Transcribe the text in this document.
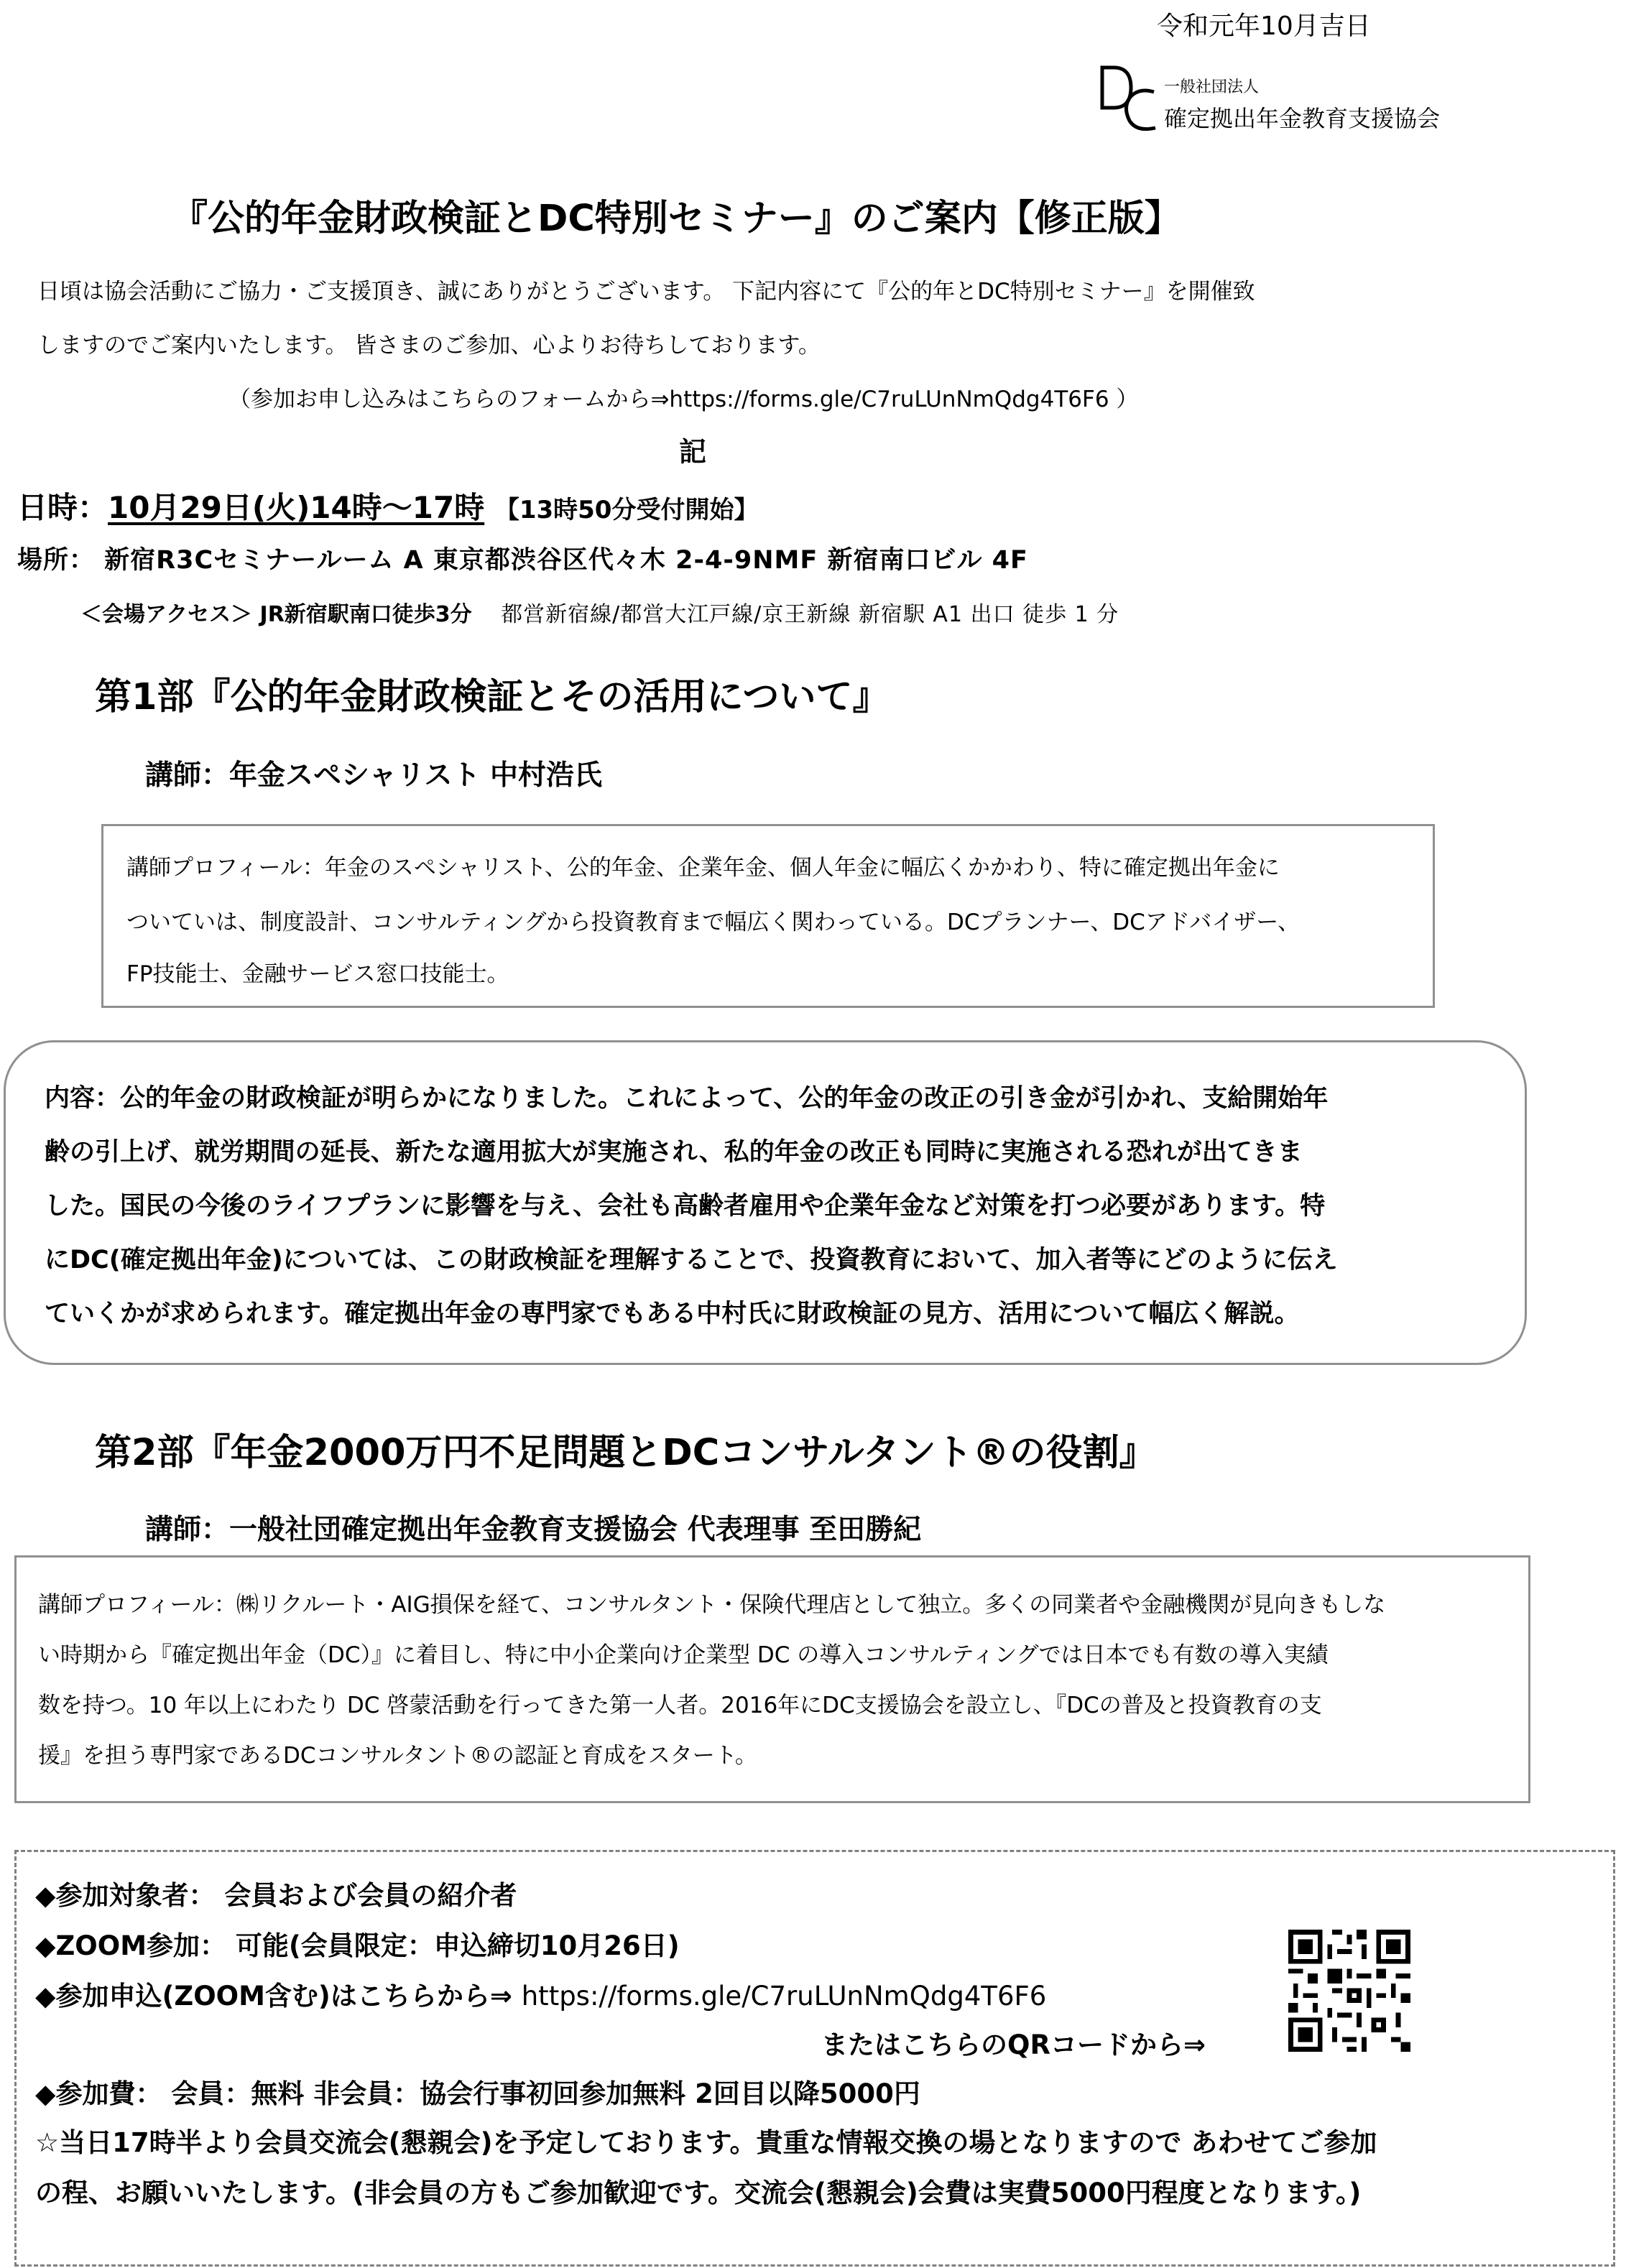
令和元年10月吉日
一般社団法人
確定拠出年金教育支援協会
『公的年金財政検証とDC特別セミナー』のご案内【修正版】
日頃は協会活動にご協力・ご支援頂き、誠にありがとうございます。 下記内容にて『公的年とDC特別セミナー』を開催致
しますのでご案内いたします。 皆さまのご参加、心よりお待ちしております。
（参加お申し込みはこちらのフォームから⇒https://forms.gle/C7ruLUnNmQdg4T6F6 ）
記
日時：10月29日(火)14時～17時 【13時50分受付開始】
場所： 新宿R3Cセミナールーム A 東京都渋谷区代々木 2-4-9NMF 新宿南口ビル 4F
＜会場アクセス＞ JR新宿駅南口徒歩3分　 都営新宿線/都営大江戸線/京王新線 新宿駅 A1 出口 徒歩 1 分
第1部『公的年金財政検証とその活用について』
講師：年金スペシャリスト 中村浩氏
講師プロフィール：年金のスペシャリスト、公的年金、企業年金、個人年金に幅広くかかわり、特に確定拠出年金に
ついていは、制度設計、コンサルティングから投資教育まで幅広く関わっている。DCプランナー、DCアドバイザー、
FP技能士、金融サービス窓口技能士。
内容：公的年金の財政検証が明らかになりました。これによって、公的年金の改正の引き金が引かれ、支給開始年
齢の引上げ、就労期間の延長、新たな適用拡大が実施され、私的年金の改正も同時に実施される恐れが出てきま
した。国民の今後のライフプランに影響を与え、会社も高齢者雇用や企業年金など対策を打つ必要があります。特
にDC(確定拠出年金)については、この財政検証を理解することで、投資教育において、加入者等にどのように伝え
ていくかが求められます。確定拠出年金の専門家でもある中村氏に財政検証の見方、活用について幅広く解説。
第2部『年金2000万円不足問題とDCコンサルタント®の役割』
講師：一般社団確定拠出年金教育支援協会 代表理事 至田勝紀
講師プロフィール：㈱リクルート・AIG損保を経て、コンサルタント・保険代理店として独立。多くの同業者や金融機関が見向きもしな
い時期から『確定拠出年金（DC）』に着目し、特に中小企業向け企業型 DC の導入コンサルティングでは日本でも有数の導入実績
数を持つ。10 年以上にわたり DC 啓蒙活動を行ってきた第一人者。2016年にDC支援協会を設立し、『DCの普及と投資教育の支
援』を担う専門家であるDCコンサルタント®の認証と育成をスタート。
◆参加対象者： 会員および会員の紹介者
◆ZOOM参加： 可能(会員限定：申込締切10月26日)
◆参加申込(ZOOM含む)はこちらから⇒ https://forms.gle/C7ruLUnNmQdg4T6F6
またはこちらのQRコードから⇒
◆参加費： 会員：無料 非会員：協会行事初回参加無料 2回目以降5000円
☆当日17時半より会員交流会(懇親会)を予定しております。貴重な情報交換の場となりますので あわせてご参加
の程、お願いいたします。(非会員の方もご参加歓迎です。交流会(懇親会)会費は実費5000円程度となります。)
